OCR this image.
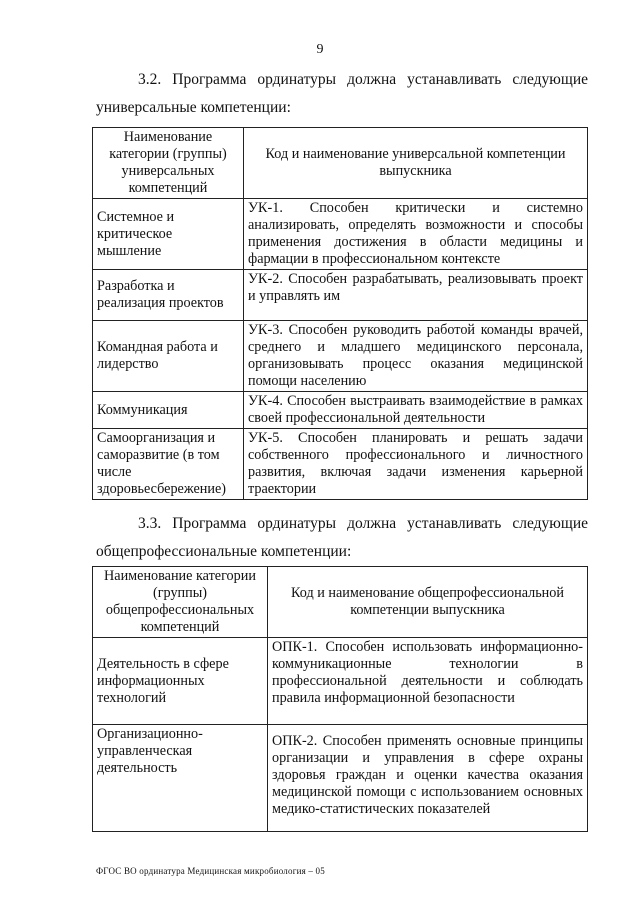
9
3.2. Программа ординатуры должна устанавливать следующие
универсальные компетенции:
Наименование категории (группы) универсальных компетенций	Код и наименование универсальной компетенции выпускника
Системное и критическое мышление	УК-1. Способен критически и системно анализировать, определять возможности и способы применения достижения в области медицины и фармации в профессиональном контексте
Разработка и реализация проектов	УК-2. Способен разрабатывать, реализовывать проект и управлять им
Командная работа и лидерство	УК-3. Способен руководить работой команды врачей, среднего и младшего медицинского персонала, организовывать процесс оказания медицинской помощи населению
Коммуникация	УК-4. Способен выстраивать взаимодействие в рамках своей профессиональной деятельности
Самоорганизация и саморазвитие (в том числе здоровьесбережение)	УК-5. Способен планировать и решать задачи собственного профессионального и личностного развития, включая задачи изменения карьерной траектории
3.3. Программа ординатуры должна устанавливать следующие
общепрофессиональные компетенции:
Наименование категории (группы) общепрофессиональных компетенций	Код и наименование общепрофессиональной компетенции выпускника
Деятельность в сфере информационных технологий	ОПК-1. Способен использовать информационно-коммуникационные технологии в профессиональной деятельности и соблюдать правила информационной безопасности
Организационно-управленческая деятельность	ОПК-2. Способен применять основные принципы организации и управления в сфере охраны здоровья граждан и оценки качества оказания медицинской помощи с использованием основных медико-статистических показателей
ФГОС ВО ординатура Медицинская микробиология – 05
